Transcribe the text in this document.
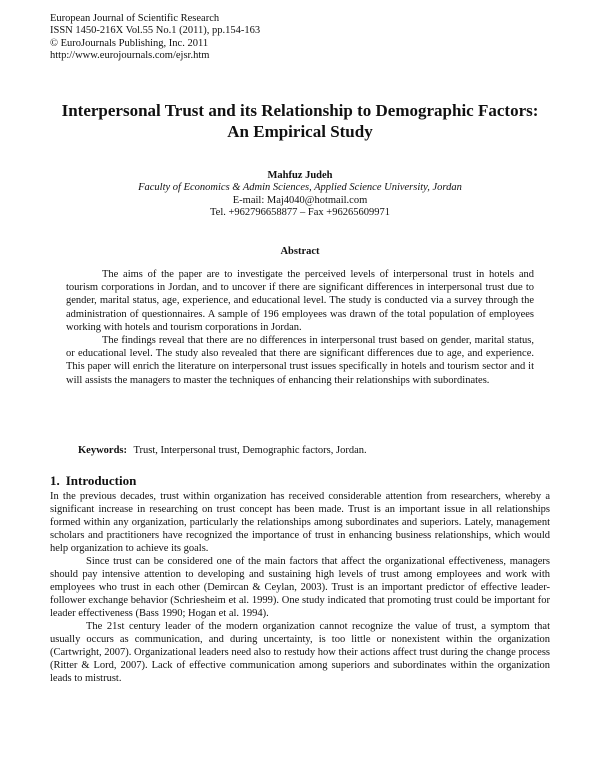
European Journal of Scientific Research
ISSN 1450-216X Vol.55 No.1 (2011), pp.154-163
© EuroJournals Publishing, Inc. 2011
http://www.eurojournals.com/ejsr.htm
Interpersonal Trust and its Relationship to Demographic Factors: An Empirical Study
Mahfuz Judeh
Faculty of Economics & Admin Sciences, Applied Science University, Jordan
E-mail: Maj4040@hotmail.com
Tel. +962796658877 – Fax +96265609971
Abstract

The aims of the paper are to investigate the perceived levels of interpersonal trust in hotels and tourism corporations in Jordan, and to uncover if there are significant differences in interpersonal trust due to gender, marital status, age, experience, and educational level. The study is conducted via a survey through the administration of questionnaires. A sample of 196 employees was drawn of the total population of employees working with hotels and tourism corporations in Jordan.

The findings reveal that there are no differences in interpersonal trust based on gender, marital status, or educational level. The study also revealed that there are significant differences due to age, and experience. This paper will enrich the literature on interpersonal trust issues specifically in hotels and tourism sector and it will assists the managers to master the techniques of enhancing their relationships with subordinates.

Keywords: Trust, Interpersonal trust, Demographic factors, Jordan.
1. Introduction

In the previous decades, trust within organization has received considerable attention from researchers, whereby a significant increase in researching on trust concept has been made. Trust is an important issue in all relationships formed within any organization, particularly the relationships among subordinates and superiors. Lately, management scholars and practitioners have recognized the importance of trust in enhancing business relationships, which would help organization to achieve its goals.

Since trust can be considered one of the main factors that affect the organizational effectiveness, managers should pay intensive attention to developing and sustaining high levels of trust among employees and work with employees who trust in each other (Demircan & Ceylan, 2003). Trust is an important predictor of effective leader-follower exchange behavior (Schriesheim et al. 1999). One study indicated that promoting trust could be important for leader effectiveness (Bass 1990; Hogan et al. 1994).

The 21st century leader of the modern organization cannot recognize the value of trust, a symptom that usually occurs as communication, and during uncertainty, is too little or nonexistent within the organization (Cartwright, 2007). Organizational leaders need also to restudy how their actions affect trust during the change process (Ritter & Lord, 2007). Lack of effective communication among superiors and subordinates within the organization leads to mistrust.
